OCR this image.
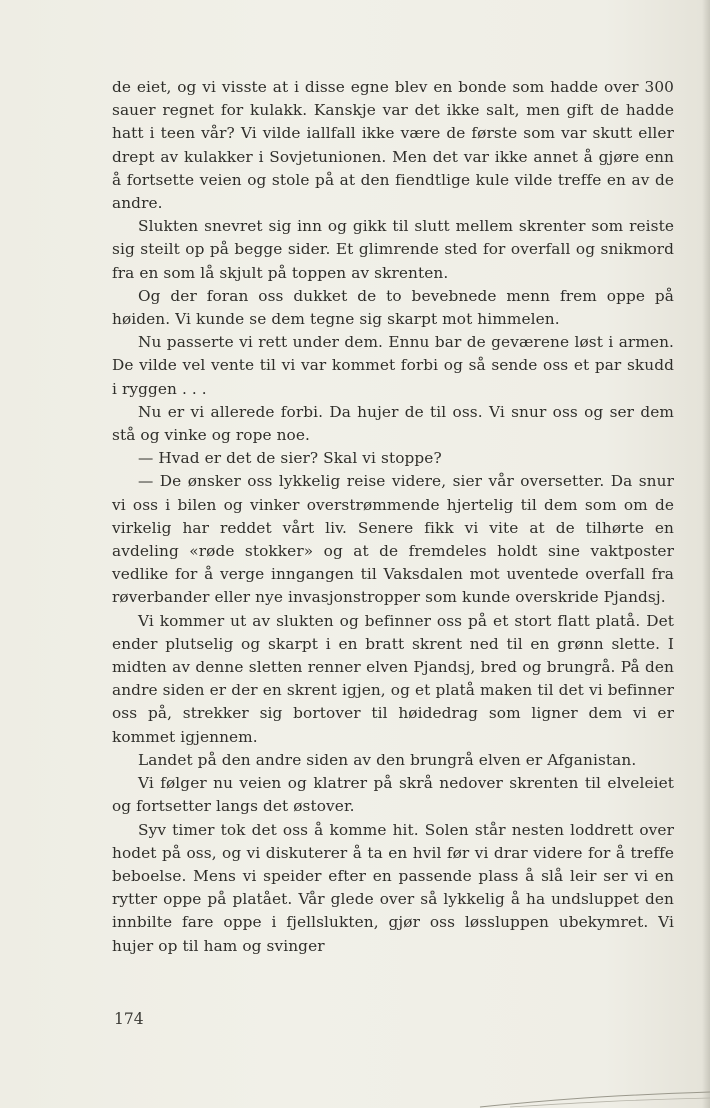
de eiet, og vi visste at i disse egne blev en bonde som hadde over 300 sauer regnet for kulakk. Kanskje var det ikke salt, men gift de hadde hatt i teen vår? Vi vilde iallfall ikke være de første som var skutt eller drept av kulakker i Sovjetunionen. Men det var ikke annet å gjøre enn å fortsette veien og stole på at den fiendtlige kule vilde treffe en av de andre.

Slukten snevret sig inn og gikk til slutt mellem skrenter som reiste sig steilt op på begge sider. Et glimrende sted for overfall og snikmord fra en som lå skjult på toppen av skrenten.

Og der foran oss dukket de to bevebnede menn frem oppe på høiden. Vi kunde se dem tegne sig skarpt mot himmelen.

Nu passerte vi rett under dem. Ennu bar de geværene løst i armen. De vilde vel vente til vi var kommet forbi og så sende oss et par skudd i ryggen . . .

Nu er vi allerede forbi. Da hujer de til oss. Vi snur oss og ser dem stå og vinke og rope noe.

— Hvad er det de sier? Skal vi stoppe?

— De ønsker oss lykkelig reise videre, sier vår oversetter. Da snur vi oss i bilen og vinker overstrømmende hjertelig til dem som om de virkelig har reddet vårt liv. Senere fikk vi vite at de tilhørte en avdeling «røde stokker» og at de fremdeles holdt sine vaktposter vedlike for å verge inngangen til Vaksdalen mot uventede overfall fra røverbander eller nye invasjonstropper som kunde overskride Pjandsj.

Vi kommer ut av slukten og befinner oss på et stort flatt platå. Det ender plutselig og skarpt i en bratt skrent ned til en grønn slette. I midten av denne sletten renner elven Pjandsj, bred og brungrå. På den andre siden er der en skrent igjen, og et platå maken til det vi befinner oss på, strekker sig bortover til høidedrag som ligner dem vi er kommet igjennem.

Landet på den andre siden av den brungrå elven er Afganistan.

Vi følger nu veien og klatrer på skrå nedover skrenten til elveleiet og fortsetter langs det østover.

Syv timer tok det oss å komme hit. Solen står nesten loddrett over hodet på oss, og vi diskuterer å ta en hvil før vi drar videre for å treffe beboelse. Mens vi speider efter en passende plass å slå leir ser vi en rytter oppe på platået. Vår glede over så lykkelig å ha undsluppet den innbilte fare oppe i fjellslukten, gjør oss løssluppen ubekymret. Vi hujer op til ham og svinger

174
